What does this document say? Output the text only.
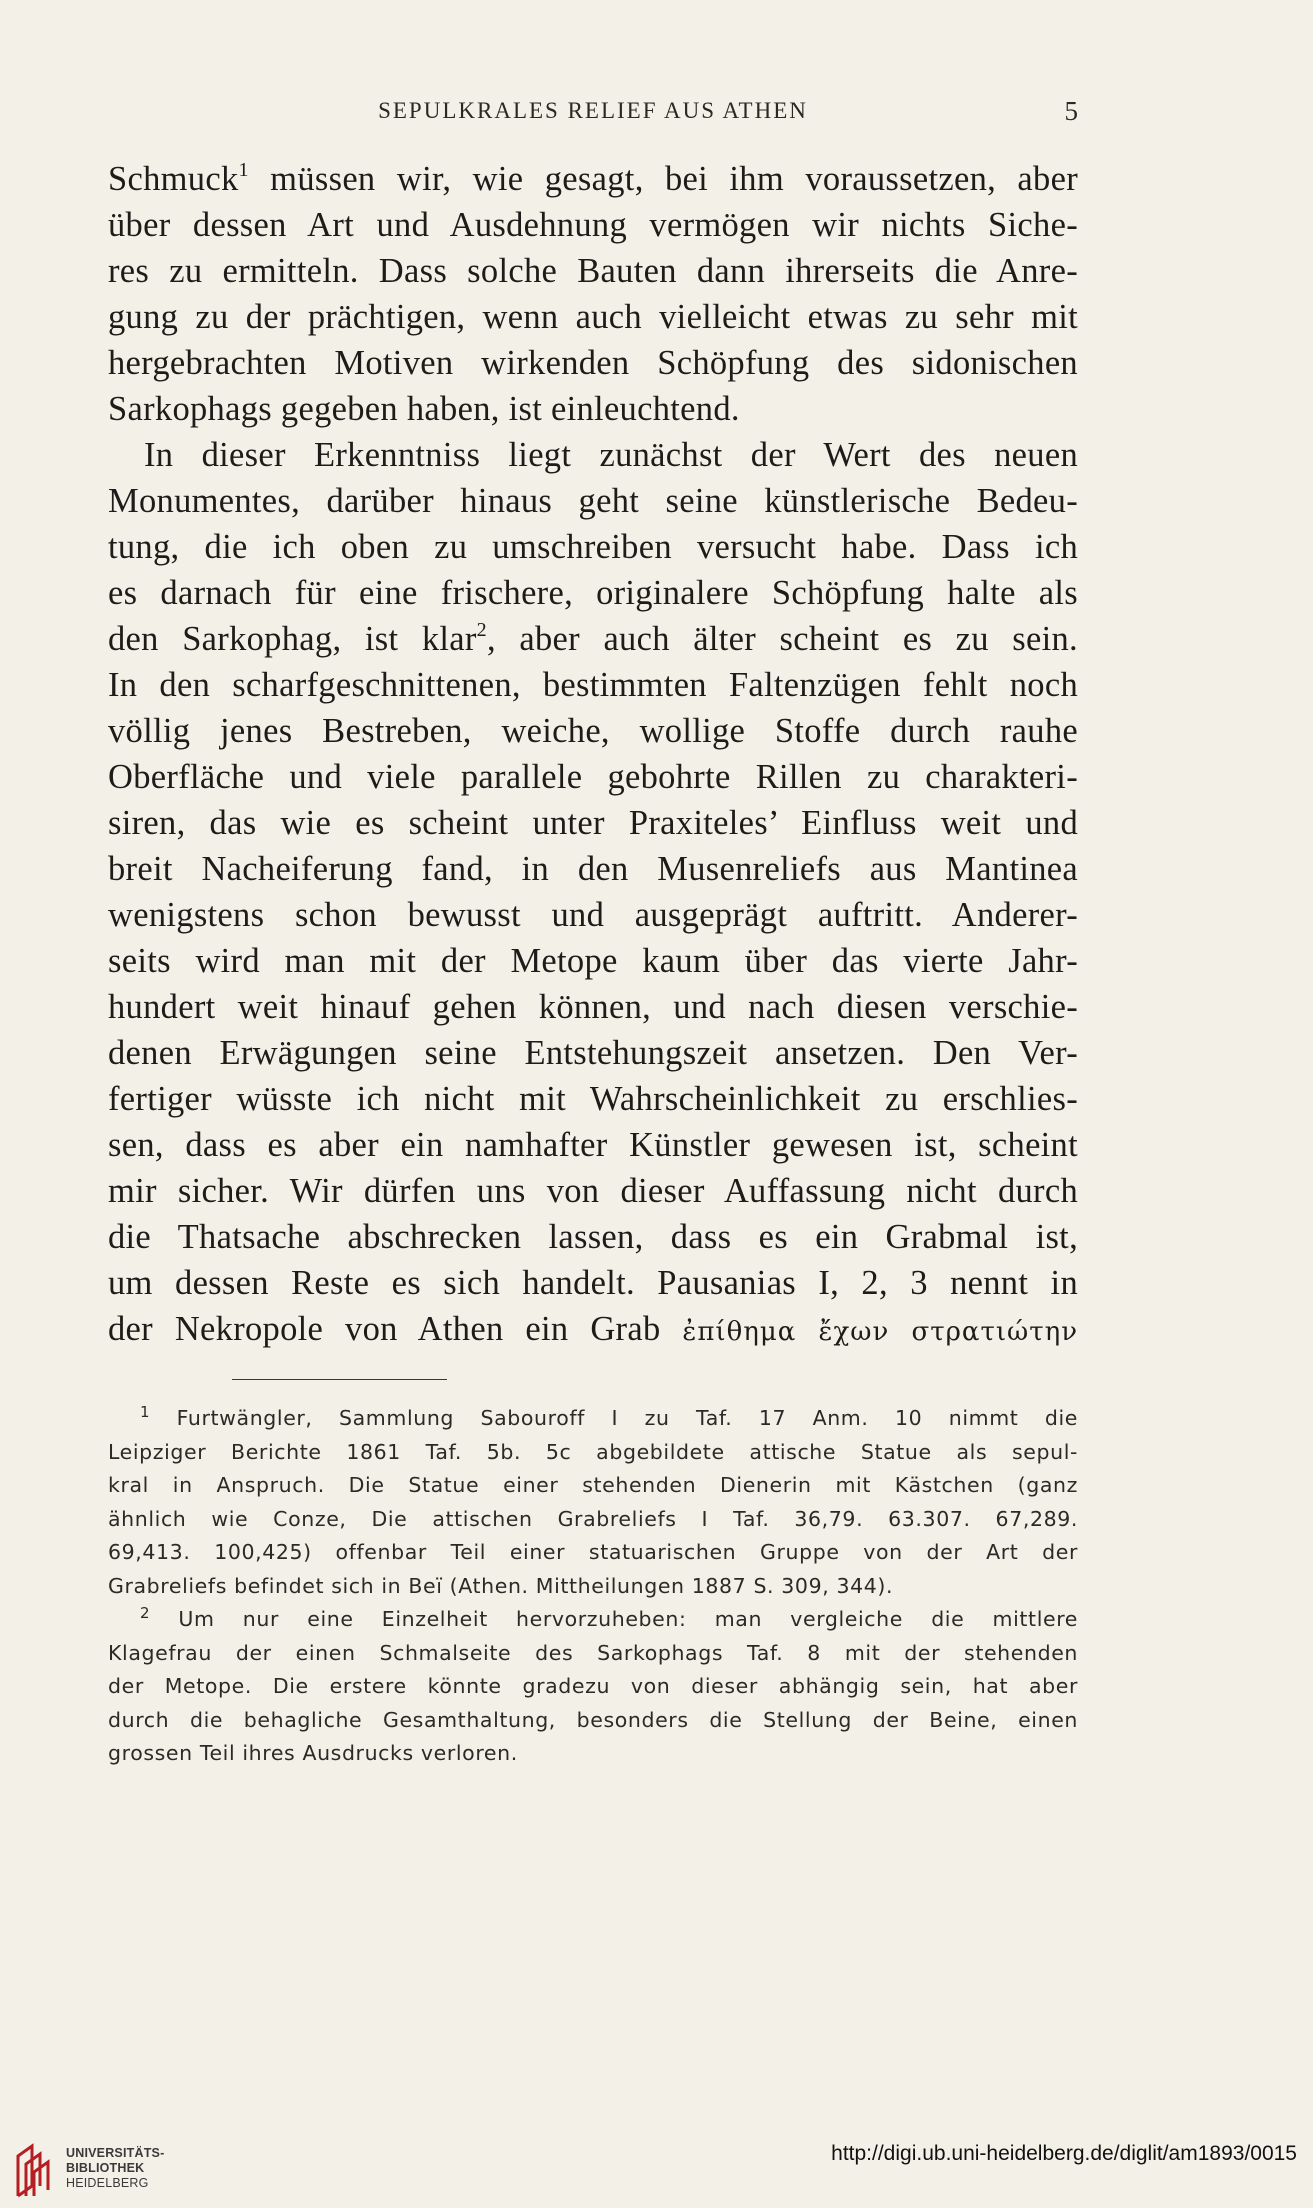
SEPULKRALES RELIEF AUS ATHEN	5
Schmuck$^1$ müssen wir, wie gesagt, bei ihm voraussetzen, aber
über dessen Art und Ausdehnung vermögen wir nichts Siche-
res zu ermitteln. Dass solche Bauten dann ihrerseits die Anre-
gung zu der prächtigen, wenn auch vielleicht etwas zu sehr mit
hergebrachten Motiven wirkenden Schöpfung des sidonischen
Sarkophags gegeben haben, ist einleuchtend.
In dieser Erkenntniss liegt zunächst der Wert des neuen
Monumentes, darüber hinaus geht seine künstlerische Bedeu-
tung, die ich oben zu umschreiben versucht habe. Dass ich
es darnach für eine frischere, originalere Schöpfung halte als
den Sarkophag, ist klar$^2$, aber auch älter scheint es zu sein.
In den scharfgeschnittenen, bestimmten Faltenzügen fehlt noch
völlig jenes Bestreben, weiche, wollige Stoffe durch rauhe
Oberfläche und viele parallele gebohrte Rillen zu charakteri-
siren, das wie es scheint unter Praxiteles’ Einfluss weit und
breit Nacheiferung fand, in den Musenreliefs aus Mantinea
wenigstens schon bewusst und ausgeprägt auftritt. Anderer-
seits wird man mit der Metope kaum über das vierte Jahr-
hundert weit hinauf gehen können, und nach diesen verschie-
denen Erwägungen seine Entstehungszeit ansetzen. Den Ver-
fertiger wüsste ich nicht mit Wahrscheinlichkeit zu erschlies-
sen, dass es aber ein namhafter Künstler gewesen ist, scheint
mir sicher. Wir dürfen uns von dieser Auffassung nicht durch
die Thatsache abschrecken lassen, dass es ein Grabmal ist,
um dessen Reste es sich handelt. Pausanias I, 2, 3 nennt in
der Nekropole von Athen ein Grab ἐπίθημα ἔχων στρατιώτην
$^1$ Furtwängler, Sammlung Sabouroff I zu Taf. 17 Anm. 10 nimmt die
Leipziger Berichte 1861 Taf. 5b. 5c abgebildete attische Statue als sepul-
kral in Anspruch. Die Statue einer stehenden Dienerin mit Kästchen (ganz
ähnlich wie Conze, Die attischen Grabreliefs I Taf. 36,79. 63.307. 67,289.
69,413. 100,425) offenbar Teil einer statuarischen Gruppe von der Art der
Grabreliefs befindet sich in Beï (Athen. Mittheilungen 1887 S. 309, 344).
$^2$ Um nur eine Einzelheit hervorzuheben: man vergleiche die mittlere
Klagefrau der einen Schmalseite des Sarkophags Taf. 8 mit der stehenden
der Metope. Die erstere könnte gradezu von dieser abhängig sein, hat aber
durch die behagliche Gesamthaltung, besonders die Stellung der Beine, einen
grossen Teil ihres Ausdrucks verloren.
UNIVERSITÄTS-
BIBLIOTHEK
HEIDELBERG
http://digi.ub.uni-heidelberg.de/diglit/am1893/0015
